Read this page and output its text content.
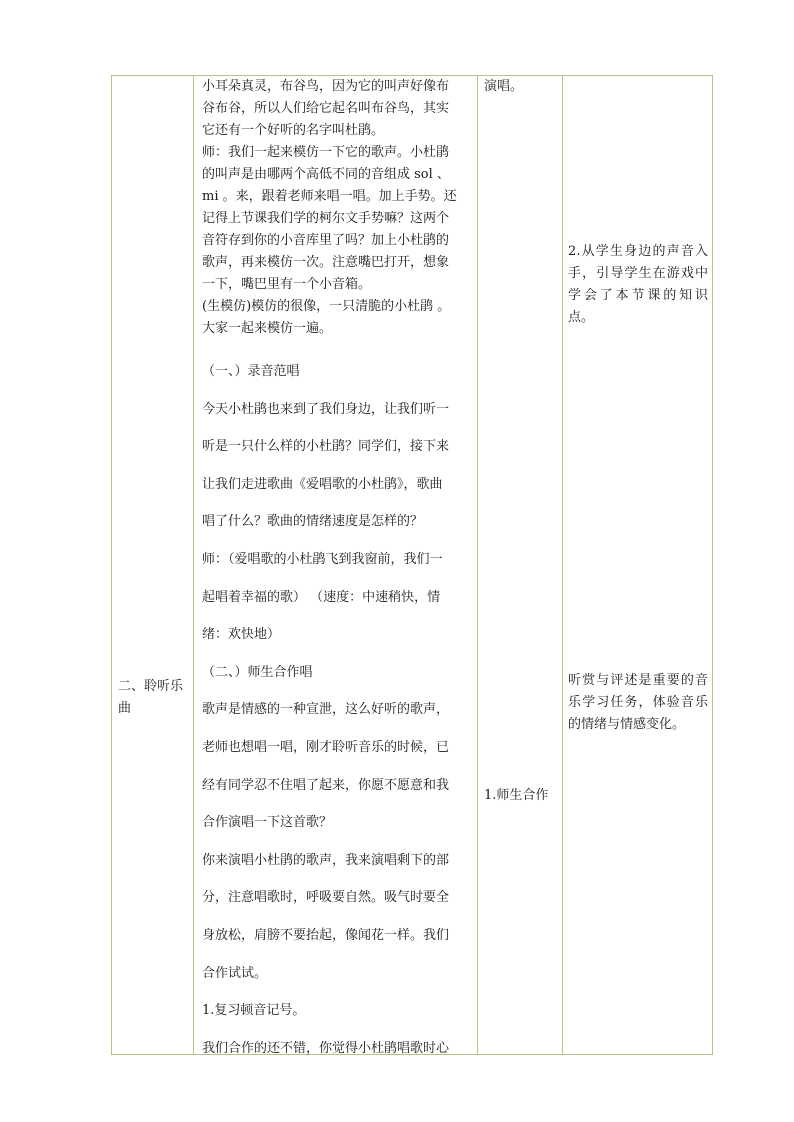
二、聆听乐曲

小耳朵真灵，布谷鸟，因为它的叫声好像布

谷布谷，所以人们给它起名叫布谷鸟，其实

它还有一个好听的名字叫杜鹃。

师：我们一起来模仿一下它的歌声。小杜鹃

的叫声是由哪两个高低不同的音组成 sol 、

mi 。来，跟着老师来唱一唱。加上手势。还

记得上节课我们学的柯尔文手势嘛？这两个

音符存到你的小音库里了吗？加上小杜鹃的

歌声，再来模仿一次。注意嘴巴打开，想象

一下，嘴巴里有一个小音箱。

(生模仿)模仿的很像，一只清脆的小杜鹃 。

大家一起来模仿一遍。

（一、）录音范唱

今天小杜鹃也来到了我们身边，让我们听一

听是一只什么样的小杜鹃？同学们，接下来

让我们走进歌曲《爱唱歌的小杜鹃》，歌曲

唱了什么？歌曲的情绪速度是怎样的？

师：（爱唱歌的小杜鹃飞到我窗前，我们一

起唱着幸福的歌） （速度：中速稍快，情

绪：欢快地）

（二、）师生合作唱

歌声是情感的一种宣泄，这么好听的歌声，

老师也想唱一唱，刚才聆听音乐的时候，已

经有同学忍不住唱了起来，你愿不愿意和我

合作演唱一下这首歌？

你来演唱小杜鹃的歌声，我来演唱剩下的部

分，注意唱歌时，呼吸要自然。吸气时要全

身放松，肩膀不要抬起，像闻花一样。我们

合作试试。

1.复习顿音记号。

我们合作的还不错，你觉得小杜鹃唱歌时心

演唱。

1.师生合作

2.从学生身边的声音入手，引导学生在游戏中学会了本节课的知识点。

听赏与评述是重要的音乐学习任务，体验音乐的情绪与情感变化。
